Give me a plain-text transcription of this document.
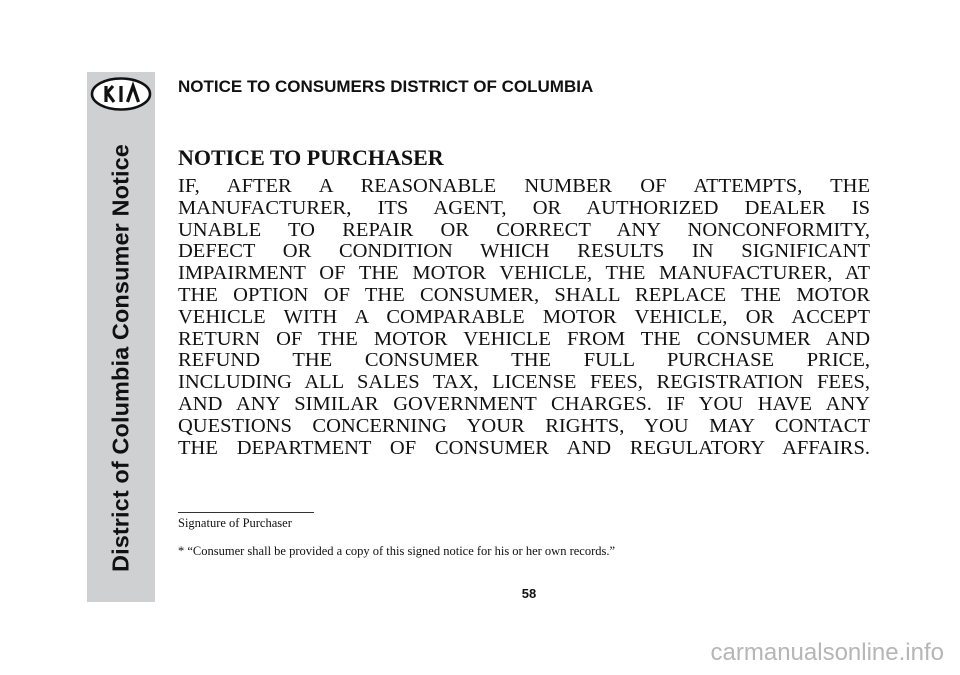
District of Columbia Consumer Notice
NOTICE TO CONSUMERS DISTRICT OF COLUMBIA
NOTICE TO PURCHASER
IF, AFTER A REASONABLE NUMBER OF ATTEMPTS, THE
MANUFACTURER, ITS AGENT, OR AUTHORIZED DEALER IS
UNABLE TO REPAIR OR CORRECT ANY NONCONFORMITY,
DEFECT OR CONDITION WHICH RESULTS IN SIGNIFICANT
IMPAIRMENT OF THE MOTOR VEHICLE, THE MANUFACTURER, AT
THE OPTION OF THE CONSUMER, SHALL REPLACE THE MOTOR
VEHICLE WITH A COMPARABLE MOTOR VEHICLE, OR ACCEPT
RETURN OF THE MOTOR VEHICLE FROM THE CONSUMER AND
REFUND THE CONSUMER THE FULL PURCHASE PRICE,
INCLUDING ALL SALES TAX, LICENSE FEES, REGISTRATION FEES,
AND ANY SIMILAR GOVERNMENT CHARGES. IF YOU HAVE ANY
QUESTIONS CONCERNING YOUR RIGHTS, YOU MAY CONTACT
THE DEPARTMENT OF CONSUMER AND REGULATORY AFFAIRS.
Signature of Purchaser
* “Consumer shall be provided a copy of this signed notice for his or her own records.”
58
carmanualsonline.info
